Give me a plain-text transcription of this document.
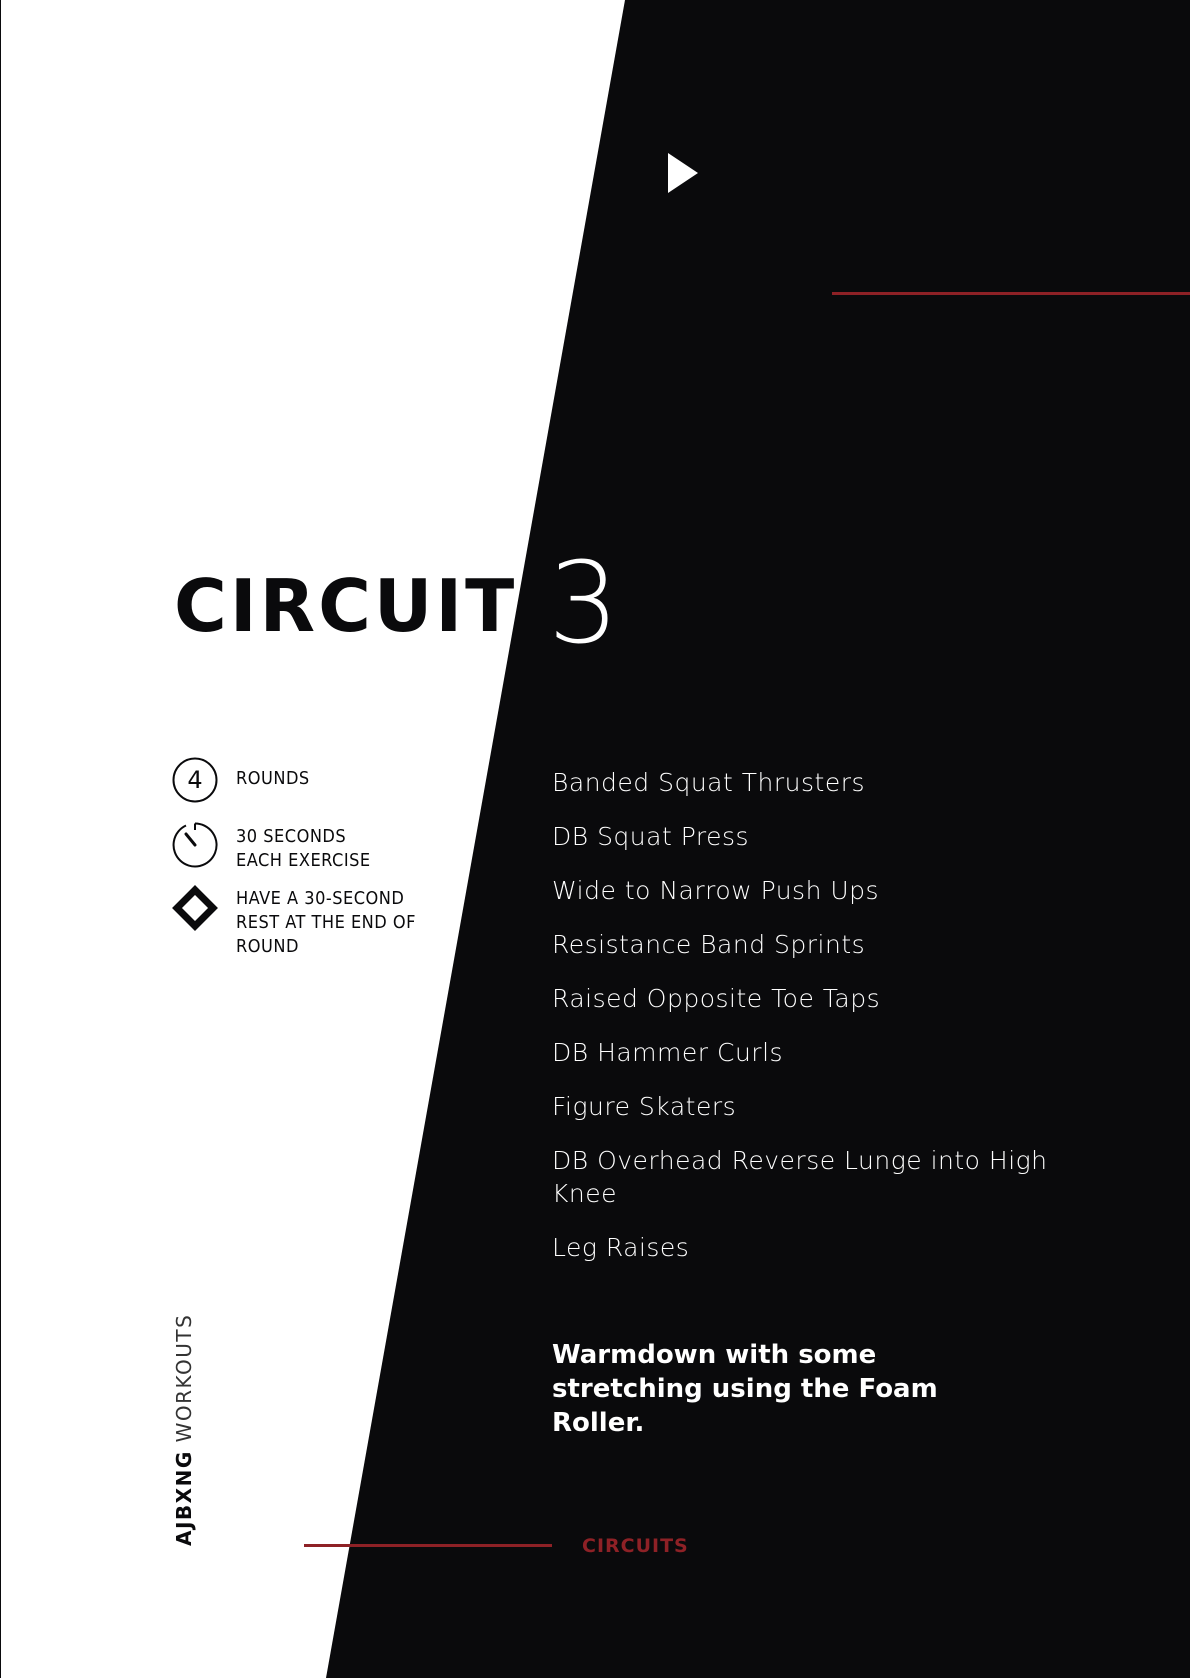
CIRCUIT 3
4	ROUNDS
30 SECONDS
EACH EXERCISE
HAVE A 30-SECOND
REST AT THE END OF
ROUND
Banded Squat Thrusters
DB Squat Press
Wide to Narrow Push Ups
Resistance Band Sprints
Raised Opposite Toe Taps
DB Hammer Curls
Figure Skaters
DB Overhead Reverse Lunge into High Knee
Leg Raises
Warmdown with some stretching using the Foam Roller.
AJBXNG WORKOUTS
CIRCUITS
